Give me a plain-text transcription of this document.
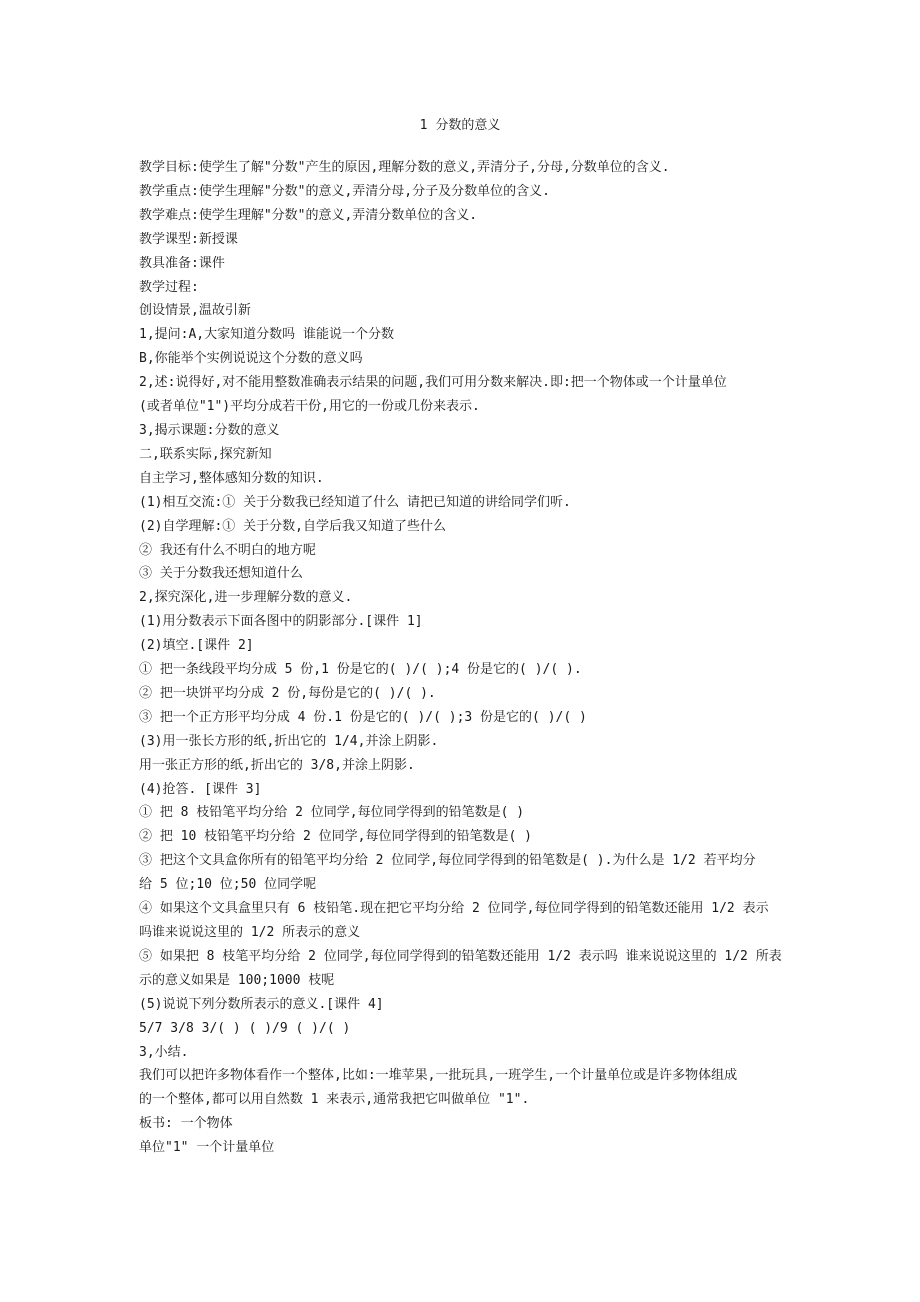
1 分数的意义
教学目标:使学生了解"分数"产生的原因,理解分数的意义,弄清分子,分母,分数单位的含义.
教学重点:使学生理解"分数"的意义,弄清分母,分子及分数单位的含义.
教学难点:使学生理解"分数"的意义,弄清分数单位的含义.
教学课型:新授课
教具准备:课件
教学过程:
创设情景,温故引新
1,提问:A,大家知道分数吗 谁能说一个分数
B,你能举个实例说说这个分数的意义吗
2,述:说得好,对不能用整数准确表示结果的问题,我们可用分数来解决.即:把一个物体或一个计量单位
(或者单位"1")平均分成若干份,用它的一份或几份来表示.
3,揭示课题:分数的意义
二,联系实际,探究新知
自主学习,整体感知分数的知识.
(1)相互交流:① 关于分数我已经知道了什么 请把已知道的讲给同学们听.
(2)自学理解:① 关于分数,自学后我又知道了些什么
② 我还有什么不明白的地方呢
③ 关于分数我还想知道什么
2,探究深化,进一步理解分数的意义.
(1)用分数表示下面各图中的阴影部分.[课件 1]
(2)填空.[课件 2]
① 把一条线段平均分成 5 份,1 份是它的( )/( );4 份是它的( )/( ).
② 把一块饼平均分成 2 份,每份是它的( )/( ).
③ 把一个正方形平均分成 4 份.1 份是它的( )/( );3 份是它的( )/( )
(3)用一张长方形的纸,折出它的 1/4,并涂上阴影.
用一张正方形的纸,折出它的 3/8,并涂上阴影.
(4)抢答. [课件 3]
① 把 8 枝铅笔平均分给 2 位同学,每位同学得到的铅笔数是( )
② 把 10 枝铅笔平均分给 2 位同学,每位同学得到的铅笔数是( )
③ 把这个文具盒你所有的铅笔平均分给 2 位同学,每位同学得到的铅笔数是( ).为什么是 1/2 若平均分
给 5 位;10 位;50 位同学呢
④ 如果这个文具盒里只有 6 枝铅笔.现在把它平均分给 2 位同学,每位同学得到的铅笔数还能用 1/2 表示
吗谁来说说这里的 1/2 所表示的意义
⑤ 如果把 8 枝笔平均分给 2 位同学,每位同学得到的铅笔数还能用 1/2 表示吗 谁来说说这里的 1/2 所表
示的意义如果是 100;1000 枝呢
(5)说说下列分数所表示的意义.[课件 4]
5/7 3/8 3/( ) ( )/9 ( )/( )
3,小结.
我们可以把许多物体看作一个整体,比如:一堆苹果,一批玩具,一班学生,一个计量单位或是许多物体组成
的一个整体,都可以用自然数 1 来表示,通常我把它叫做单位 "1".
板书: 一个物体
单位"1" 一个计量单位
